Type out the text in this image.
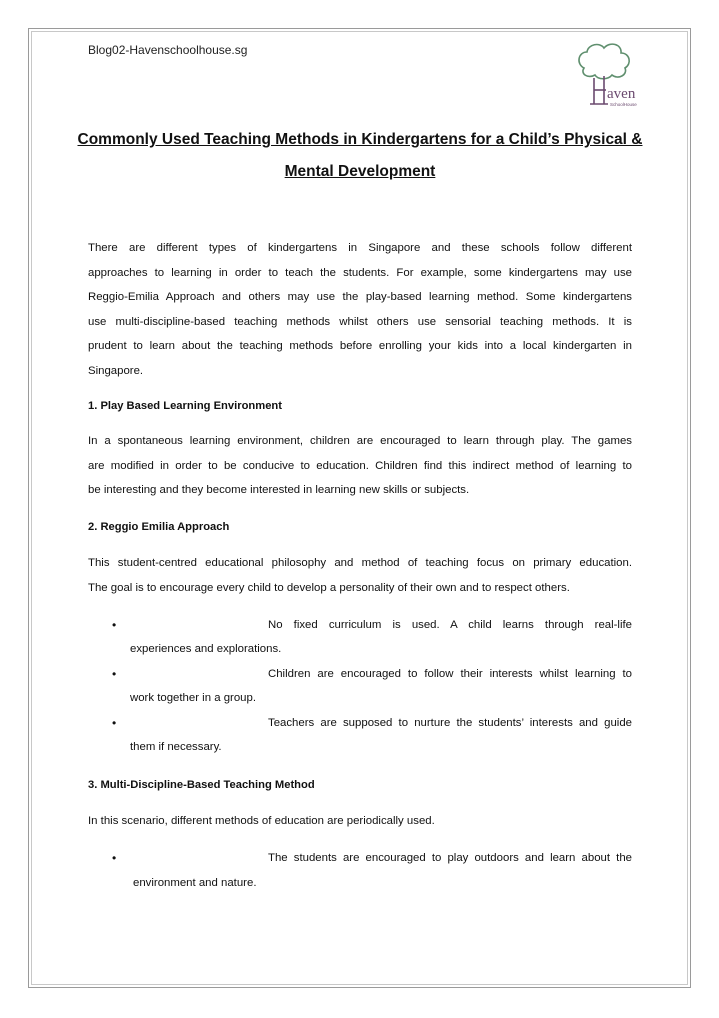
Blog02-Havenschoolhouse.sg
aven
SchoolHouse
Commonly Used Teaching Methods in Kindergartens for a Child’s Physical &
Mental Development
There are different types of kindergartens in Singapore and these schools follow different
approaches to learning in order to teach the students. For example, some kindergartens may use
Reggio-Emilia Approach and others may use the play-based learning method. Some kindergartens
use multi-discipline-based teaching methods whilst others use sensorial teaching methods. It is
prudent to learn about the teaching methods before enrolling your kids into a local kindergarten in
Singapore.
1. Play Based Learning Environment
In a spontaneous learning environment, children are encouraged to learn through play. The games
are modified in order to be conducive to education. Children find this indirect method of learning to
be interesting and they become interested in learning new skills or subjects.
2. Reggio Emilia Approach
This student-centred educational philosophy and method of teaching focus on primary education.
The goal is to encourage every child to develop a personality of their own and to respect others.
•	No fixed curriculum is used. A child learns through real-life
experiences and explorations.
•	Children are encouraged to follow their interests whilst learning to
work together in a group.
•	Teachers are supposed to nurture the students’ interests and guide
them if necessary.
3. Multi-Discipline-Based Teaching Method
In this scenario, different methods of education are periodically used.
•	The students are encouraged to play outdoors and learn about the
environment and nature.
